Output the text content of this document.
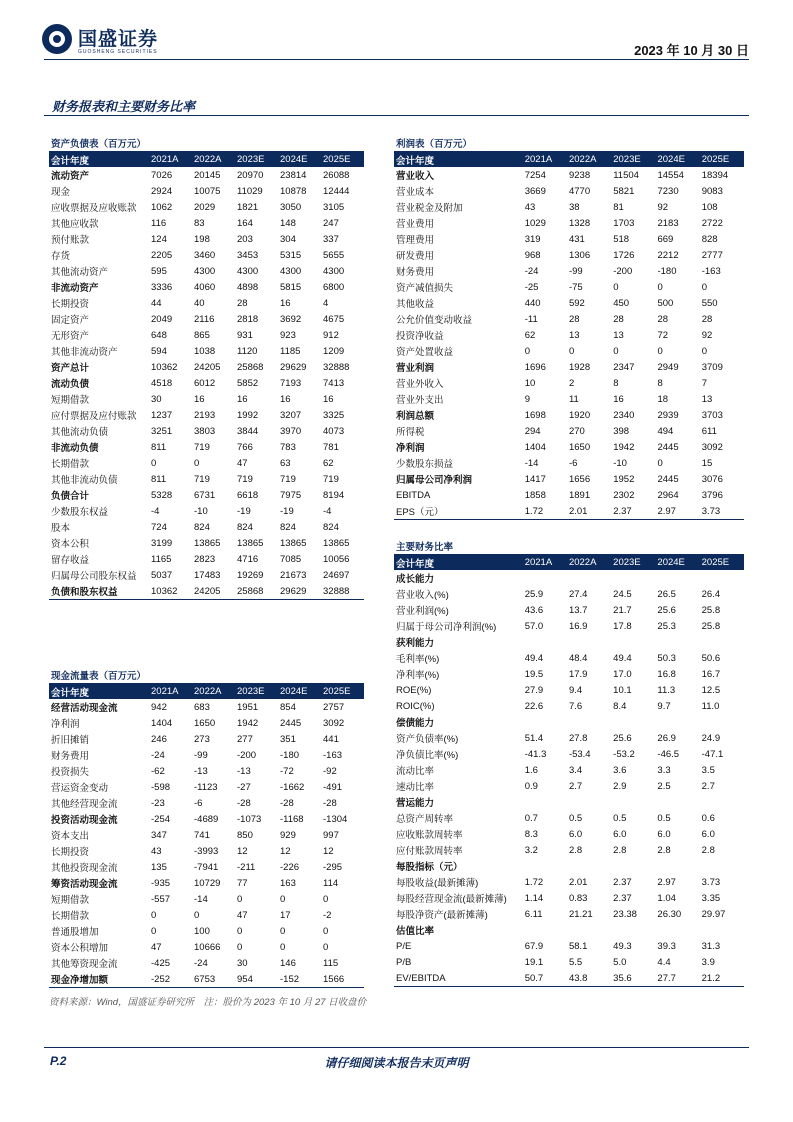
国盛证券
GUOSHENG SECURITIES	2023 年 10 月 30 日
财务报表和主要财务比率
资产负债表（百万元）					
会计年度	2021A	2022A	2023E	2024E	2025E
流动资产	7026	20145	20970	23814	26088
现金	2924	10075	11029	10878	12444
应收票据及应收账款	1062	2029	1821	3050	3105
其他应收款	116	83	164	148	247
预付账款	124	198	203	304	337
存货	2205	3460	3453	5315	5655
其他流动资产	595	4300	4300	4300	4300
非流动资产	3336	4060	4898	5815	6800
长期投资	44	40	28	16	4
固定资产	2049	2116	2818	3692	4675
无形资产	648	865	931	923	912
其他非流动资产	594	1038	1120	1185	1209
资产总计	10362	24205	25868	29629	32888
流动负债	4518	6012	5852	7193	7413
短期借款	30	16	16	16	16
应付票据及应付账款	1237	2193	1992	3207	3325
其他流动负债	3251	3803	3844	3970	4073
非流动负债	811	719	766	783	781
长期借款	0	0	47	63	62
其他非流动负债	811	719	719	719	719
负债合计	5328	6731	6618	7975	8194
少数股东权益	-4	-10	-19	-19	-4
股本	724	824	824	824	824
资本公积	3199	13865	13865	13865	13865
留存收益	1165	2823	4716	7085	10056
归属母公司股东权益	5037	17483	19269	21673	24697
负债和股东权益	10362	24205	25868	29629	32888
利润表（百万元）					
会计年度	2021A	2022A	2023E	2024E	2025E
营业收入	7254	9238	11504	14554	18394
营业成本	3669	4770	5821	7230	9083
营业税金及附加	43	38	81	92	108
营业费用	1029	1328	1703	2183	2722
管理费用	319	431	518	669	828
研发费用	968	1306	1726	2212	2777
财务费用	-24	-99	-200	-180	-163
资产减值损失	-25	-75	0	0	0
其他收益	440	592	450	500	550
公允价值变动收益	-11	28	28	28	28
投资净收益	62	13	13	72	92
资产处置收益	0	0	0	0	0
营业利润	1696	1928	2347	2949	3709
营业外收入	10	2	8	8	7
营业外支出	9	11	16	18	13
利润总额	1698	1920	2340	2939	3703
所得税	294	270	398	494	611
净利润	1404	1650	1942	2445	3092
少数股东损益	-14	-6	-10	0	15
归属母公司净利润	1417	1656	1952	2445	3076
EBITDA	1858	1891	2302	2964	3796
EPS（元）	1.72	2.01	2.37	2.97	3.73
主要财务比率					
会计年度	2021A	2022A	2023E	2024E	2025E
成长能力					
营业收入(%)	25.9	27.4	24.5	26.5	26.4
营业利润(%)	43.6	13.7	21.7	25.6	25.8
归属于母公司净利润(%)	57.0	16.9	17.8	25.3	25.8
获利能力					
毛利率(%)	49.4	48.4	49.4	50.3	50.6
净利率(%)	19.5	17.9	17.0	16.8	16.7
ROE(%)	27.9	9.4	10.1	11.3	12.5
ROIC(%)	22.6	7.6	8.4	9.7	11.0
偿债能力					
资产负债率(%)	51.4	27.8	25.6	26.9	24.9
净负债比率(%)	-41.3	-53.4	-53.2	-46.5	-47.1
流动比率	1.6	3.4	3.6	3.3	3.5
速动比率	0.9	2.7	2.9	2.5	2.7
营运能力					
总资产周转率	0.7	0.5	0.5	0.5	0.6
应收账款周转率	8.3	6.0	6.0	6.0	6.0
应付账款周转率	3.2	2.8	2.8	2.8	2.8
每股指标（元）					
每股收益(最新摊薄)	1.72	2.01	2.37	2.97	3.73
每股经营现金流(最新摊薄)	1.14	0.83	2.37	1.04	3.35
每股净资产(最新摊薄)	6.11	21.21	23.38	26.30	29.97
估值比率					
P/E	67.9	58.1	49.3	39.3	31.3
P/B	19.1	5.5	5.0	4.4	3.9
EV/EBITDA	50.7	43.8	35.6	27.7	21.2
现金流量表（百万元）					
会计年度	2021A	2022A	2023E	2024E	2025E
经营活动现金流	942	683	1951	854	2757
净利润	1404	1650	1942	2445	3092
折旧摊销	246	273	277	351	441
财务费用	-24	-99	-200	-180	-163
投资损失	-62	-13	-13	-72	-92
营运资金变动	-598	-1123	-27	-1662	-491
其他经营现金流	-23	-6	-28	-28	-28
投资活动现金流	-254	-4689	-1073	-1168	-1304
资本支出	347	741	850	929	997
长期投资	43	-3993	12	12	12
其他投资现金流	135	-7941	-211	-226	-295
筹资活动现金流	-935	10729	77	163	114
短期借款	-557	-14	0	0	0
长期借款	0	0	47	17	-2
普通股增加	0	100	0	0	0
资本公积增加	47	10666	0	0	0
其他筹资现金流	-425	-24	30	146	115
现金净增加额	-252	6753	954	-152	1566
资料来源：Wind，国盛证券研究所　注：股价为 2023 年 10 月 27 日收盘价
P.2	请仔细阅读本报告末页声明
